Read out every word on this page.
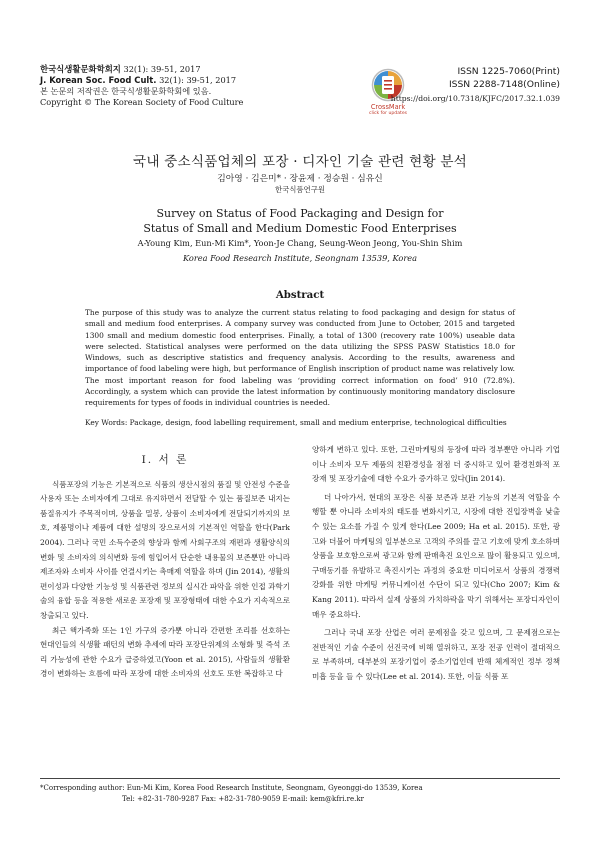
한국식생활문화학회지 32(1): 39-51, 2017
J. Korean Soc. Food Cult. 32(1): 39-51, 2017
본 논문의 저작권은 한국식생활문화학회에 있음.
Copyright © The Korean Society of Food Culture	CrossMark
click for updates
ISSN 1225-7060(Print)
ISSN 2288-7148(Online)
https://doi.org/10.7318/KJFC/2017.32.1.039
국내 중소식품업체의 포장 · 디자인 기술 관련 현황 분석
김아영 · 김은미* · 장윤제 · 정승원 · 심유신
한국식품연구원
Survey on Status of Food Packaging and Design for
Status of Small and Medium Domestic Food Enterprises
A-Young Kim, Eun-Mi Kim*, Yoon-Je Chang, Seung-Weon Jeong, You-Shin Shim
Korea Food Research Institute, Seongnam 13539, Korea
Abstract
The purpose of this study was to analyze the current status relating to food packaging and design for status of small and medium food enterprises. A company survey was conducted from June to October, 2015 and targeted 1300 small and medium domestic food enterprises. Finally, a total of 1300 (recovery rate 100%) useable data were selected. Statistical analyses were performed on the data utilizing the SPSS PASW Statistics 18.0 for Windows, such as descriptive statistics and frequency analysis. According to the results, awareness and importance of food labeling were high, but performance of English inscription of product name was relatively low. The most important reason for food labeling was ‘providing correct information on food’ 910 (72.8%). Accordingly, a system which can provide the latest information by continuously monitoring mandatory disclosure requirements for types of foods in individual countries is needed.
Key Words: Package, design, food labelling requirement, small and medium enterprise, technological difficulties
Ⅰ. 서 론

식품포장의 기능은 기본적으로 식품의 생산시점의 품질 및 안전성 수준을 사용자 또는 소비자에게 그대로 유지하면서 전달할 수 있는 품질보존 내지는 품질유지가 주목적이며, 상품을 밀봉, 상품이 소비자에게 전달되기까지의 보호, 제품명이나 제품에 대한 설명의 장으로서의 기본적인 역할을 한다(Park 2004). 그러나 국민 소득수준의 향상과 함께 사회구조의 재편과 생활양식의 변화 및 소비자의 의식변화 등에 힘입어서 단순한 내용물의 보존뿐만 아니라 제조자와 소비자 사이를 연결시키는 촉매제 역할을 하며 (Jin 2014), 생활의 편이성과 다양한 기능성 및 식품관련 정보의 실시간 파악을 위한 인접 과학기술의 융합 등을 적용한 새로운 포장재 및 포장형태에 대한 수요가 지속적으로 창출되고 있다.

최근 핵가족화 또는 1인 가구의 증가뿐 아니라 간편한 조리를 선호하는 현대인들의 식생활 패턴의 변화 추세에 따라 포장단위제의 소형화 및 즉석 조리 가능성에 관한 수요가 급증하였고(Yoon et al. 2015), 사람들의 생활환경이 변화하는 흐름에 따라 포장에 대한 소비자의 선호도 또한 복잡하고 다

양하게 변하고 있다. 또한, 그린마케팅의 등장에 따라 정부뿐만 아니라 기업이나 소비자 모두 제품의 친환경성을 점점 더 중시하고 있어 환경친화적 포장재 및 포장기술에 대한 수요가 증가하고 있다(Jin 2014).

더 나아가서, 현대의 포장은 식품 보존과 보관 기능의 기본적 역할을 수행할 뿐 아니라 소비자의 태도를 변화시키고, 시장에 대한 진입장벽을 낮출 수 있는 요소를 가질 수 있게 한다(Lee 2009; Ha et al. 2015). 또한, 광고와 더불어 마케팅의 일부분으로 고객의 주의를 끌고 기호에 맞게 호소하며 상품을 보호함으로써 광고와 함께 판매촉진 요인으로 많이 활용되고 있으며, 구매동기를 유발하고 촉진시키는 과정의 중요한 미디어로서 상품의 경쟁력 강화를 위한 마케팅 커뮤니케이션 수단이 되고 있다(Cho 2007; Kim & Kang 2011). 따라서 실제 상품의 가치하락을 막기 위해서는 포장디자인이 매우 중요하다.

그러나 국내 포장 산업은 여러 문제점을 갖고 있으며, 그 문제점으로는 전반적인 기술 수준이 선진국에 비해 열위하고, 포장 전공 인력이 절대적으로 부족하며, 대부분의 포장기업이 중소기업인데 반해 체계적인 정부 정책 미흡 등을 들 수 있다(Lee et al. 2014). 또한, 이들 식품 포

*Corresponding author: Eun-Mi Kim, Korea Food Research Institute, Seongnam, Gyeonggi-do 13539, Korea
Tel: +82-31-780-9287 Fax: +82-31-780-9059 E-mail: kem@kfri.re.kr
